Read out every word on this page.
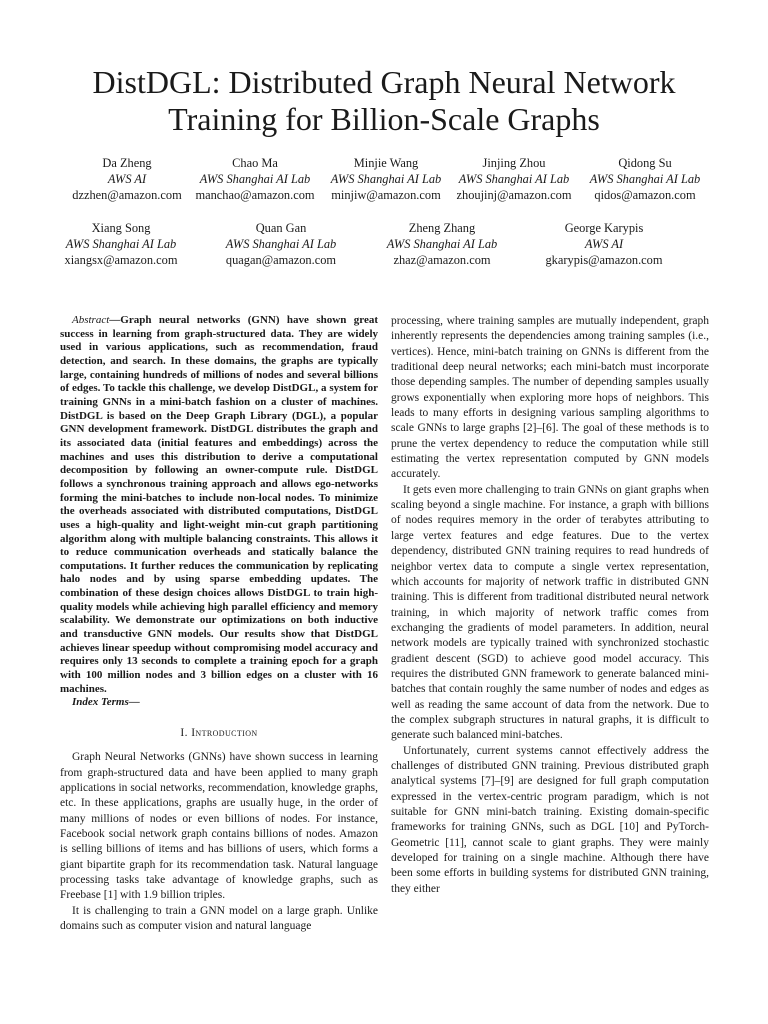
DistDGL: Distributed Graph Neural Network
Training for Billion-Scale Graphs
Da Zheng
AWS AI
dzzhen@amazon.com
Chao Ma
AWS Shanghai AI Lab
manchao@amazon.com
Minjie Wang
AWS Shanghai AI Lab
minjiw@amazon.com
Jinjing Zhou
AWS Shanghai AI Lab
zhoujinj@amazon.com
Qidong Su
AWS Shanghai AI Lab
qidos@amazon.com
Xiang Song
AWS Shanghai AI Lab
xiangsx@amazon.com
Quan Gan
AWS Shanghai AI Lab
quagan@amazon.com
Zheng Zhang
AWS Shanghai AI Lab
zhaz@amazon.com
George Karypis
AWS AI
gkarypis@amazon.com

Abstract—Graph neural networks (GNN) have shown great success in learning from graph-structured data. They are widely used in various applications, such as recommendation, fraud detection, and search. In these domains, the graphs are typically large, containing hundreds of millions of nodes and several billions of edges. To tackle this challenge, we develop DistDGL, a system for training GNNs in a mini-batch fashion on a cluster of machines. DistDGL is based on the Deep Graph Library (DGL), a popular GNN development framework. DistDGL distributes the graph and its associated data (initial features and embeddings) across the machines and uses this distribution to derive a computational decomposition by following an owner-compute rule. DistDGL follows a synchronous training approach and allows ego-networks forming the mini-batches to include non-local nodes. To minimize the overheads associated with distributed computations, DistDGL uses a high-quality and light-weight min-cut graph partitioning algorithm along with multiple balancing constraints. This allows it to reduce communication overheads and statically balance the computations. It further reduces the communication by replicating halo nodes and by using sparse embedding updates. The combination of these design choices allows DistDGL to train high-quality models while achieving high parallel efficiency and memory scalability. We demonstrate our optimizations on both inductive and transductive GNN models. Our results show that DistDGL achieves linear speedup without compromising model accuracy and requires only 13 seconds to complete a training epoch for a graph with 100 million nodes and 3 billion edges on a cluster with 16 machines.

Index Terms—

I. Introduction

Graph Neural Networks (GNNs) have shown success in learning from graph-structured data and have been applied to many graph applications in social networks, recommendation, knowledge graphs, etc. In these applications, graphs are usually huge, in the order of many millions of nodes or even billions of nodes. For instance, Facebook social network graph contains billions of nodes. Amazon is selling billions of items and has billions of users, which forms a giant bipartite graph for its recommendation task. Natural language processing tasks take advantage of knowledge graphs, such as Freebase [1] with 1.9 billion triples.

It is challenging to train a GNN model on a large graph. Unlike domains such as computer vision and natural language

processing, where training samples are mutually independent, graph inherently represents the dependencies among training samples (i.e., vertices). Hence, mini-batch training on GNNs is different from the traditional deep neural networks; each mini-batch must incorporate those depending samples. The number of depending samples usually grows exponentially when exploring more hops of neighbors. This leads to many efforts in designing various sampling algorithms to scale GNNs to large graphs [2]–[6]. The goal of these methods is to prune the vertex dependency to reduce the computation while still estimating the vertex representation computed by GNN models accurately.

It gets even more challenging to train GNNs on giant graphs when scaling beyond a single machine. For instance, a graph with billions of nodes requires memory in the order of terabytes attributing to large vertex features and edge features. Due to the vertex dependency, distributed GNN training requires to read hundreds of neighbor vertex data to compute a single vertex representation, which accounts for majority of network traffic in distributed GNN training. This is different from traditional distributed neural network training, in which majority of network traffic comes from exchanging the gradients of model parameters. In addition, neural network models are typically trained with synchronized stochastic gradient descent (SGD) to achieve good model accuracy. This requires the distributed GNN framework to generate balanced mini-batches that contain roughly the same number of nodes and edges as well as reading the same account of data from the network. Due to the complex subgraph structures in natural graphs, it is difficult to generate such balanced mini-batches.

Unfortunately, current systems cannot effectively address the challenges of distributed GNN training. Previous distributed graph analytical systems [7]–[9] are designed for full graph computation expressed in the vertex-centric program paradigm, which is not suitable for GNN mini-batch training. Existing domain-specific frameworks for training GNNs, such as DGL [10] and PyTorch-Geometric [11], cannot scale to giant graphs. They were mainly developed for training on a single machine. Although there have been some efforts in building systems for distributed GNN training, they either
